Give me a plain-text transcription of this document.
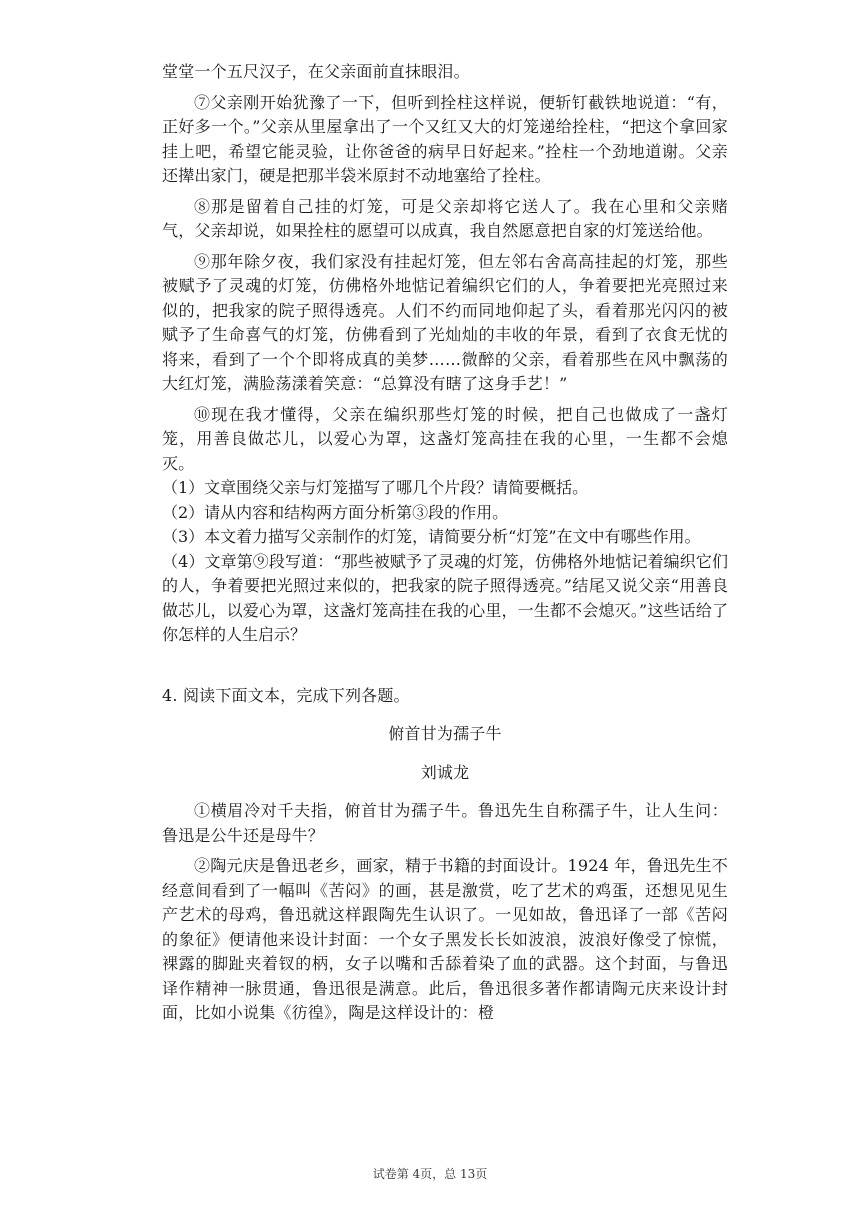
堂堂一个五尺汉子，在父亲面前直抹眼泪。

⑦父亲刚开始犹豫了一下，但听到拴柱这样说，便斩钉截铁地说道：“有，正好多一个。”父亲从里屋拿出了一个又红又大的灯笼递给拴柱，“把这个拿回家挂上吧，希望它能灵验，让你爸爸的病早日好起来。”拴柱一个劲地道谢。父亲还撵出家门，硬是把那半袋米原封不动地塞给了拴柱。

⑧那是留着自己挂的灯笼，可是父亲却将它送人了。我在心里和父亲赌气，父亲却说，如果拴柱的愿望可以成真，我自然愿意把自家的灯笼送给他。

⑨那年除夕夜，我们家没有挂起灯笼，但左邻右舍高高挂起的灯笼，那些被赋予了灵魂的灯笼，仿佛格外地惦记着编织它们的人，争着要把光亮照过来似的，把我家的院子照得透亮。人们不约而同地仰起了头，看着那光闪闪的被赋予了生命喜气的灯笼，仿佛看到了光灿灿的丰收的年景，看到了衣食无忧的将来，看到了一个个即将成真的美梦……微醉的父亲，看着那些在风中飘荡的大红灯笼，满脸荡漾着笑意：“总算没有瞎了这身手艺！”

⑩现在我才懂得，父亲在编织那些灯笼的时候，把自己也做成了一盏灯笼，用善良做芯儿，以爱心为罩，这盏灯笼高挂在我的心里，一生都不会熄灭。

（1）文章围绕父亲与灯笼描写了哪几个片段？请简要概括。

（2）请从内容和结构两方面分析第③段的作用。

（3）本文着力描写父亲制作的灯笼，请简要分析“灯笼”在文中有哪些作用。

（4）文章第⑨段写道：“那些被赋予了灵魂的灯笼，仿佛格外地惦记着编织它们的人，争着要把光照过来似的，把我家的院子照得透亮。”结尾又说父亲“用善良做芯儿，以爱心为罩，这盏灯笼高挂在我的心里，一生都不会熄灭。”这些话给了你怎样的人生启示？

4. 阅读下面文本，完成下列各题。

俯首甘为孺子牛

刘诚龙

①横眉冷对千夫指，俯首甘为孺子牛。鲁迅先生自称孺子牛，让人生问：鲁迅是公牛还是母牛？

②陶元庆是鲁迅老乡，画家，精于书籍的封面设计。1924 年，鲁迅先生不经意间看到了一幅叫《苦闷》的画，甚是激赏，吃了艺术的鸡蛋，还想见见生产艺术的母鸡，鲁迅就这样跟陶先生认识了。一见如故，鲁迅译了一部《苦闷的象征》便请他来设计封面：一个女子黑发长长如波浪，波浪好像受了惊慌，裸露的脚趾夹着钗的柄，女子以嘴和舌舔着染了血的武器。这个封面，与鲁迅译作精神一脉贯通，鲁迅很是满意。此后，鲁迅很多著作都请陶元庆来设计封面，比如小说集《彷徨》，陶是这样设计的：橙

试卷第 4页，总 13页
